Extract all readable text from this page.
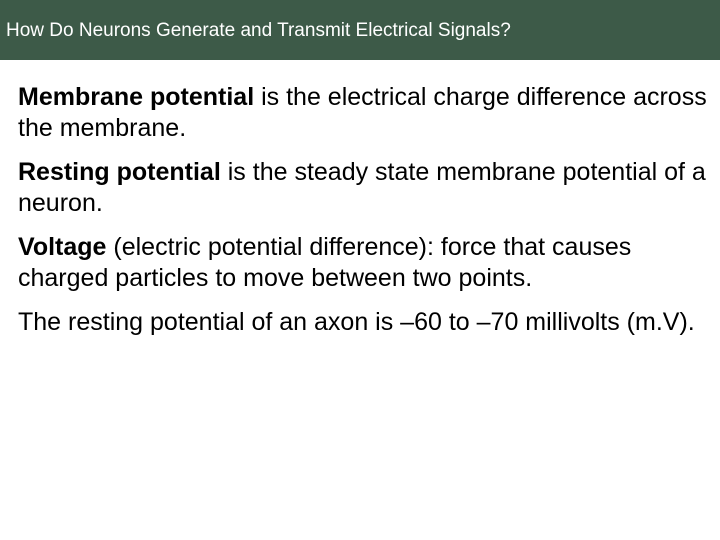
How Do Neurons Generate and Transmit Electrical Signals?

Membrane potential is the electrical charge difference across the membrane.

Resting potential is the steady state membrane potential of a neuron.

Voltage (electric potential difference): force that causes charged particles to move between two points.

The resting potential of an axon is –60 to –70 millivolts (m.V).
